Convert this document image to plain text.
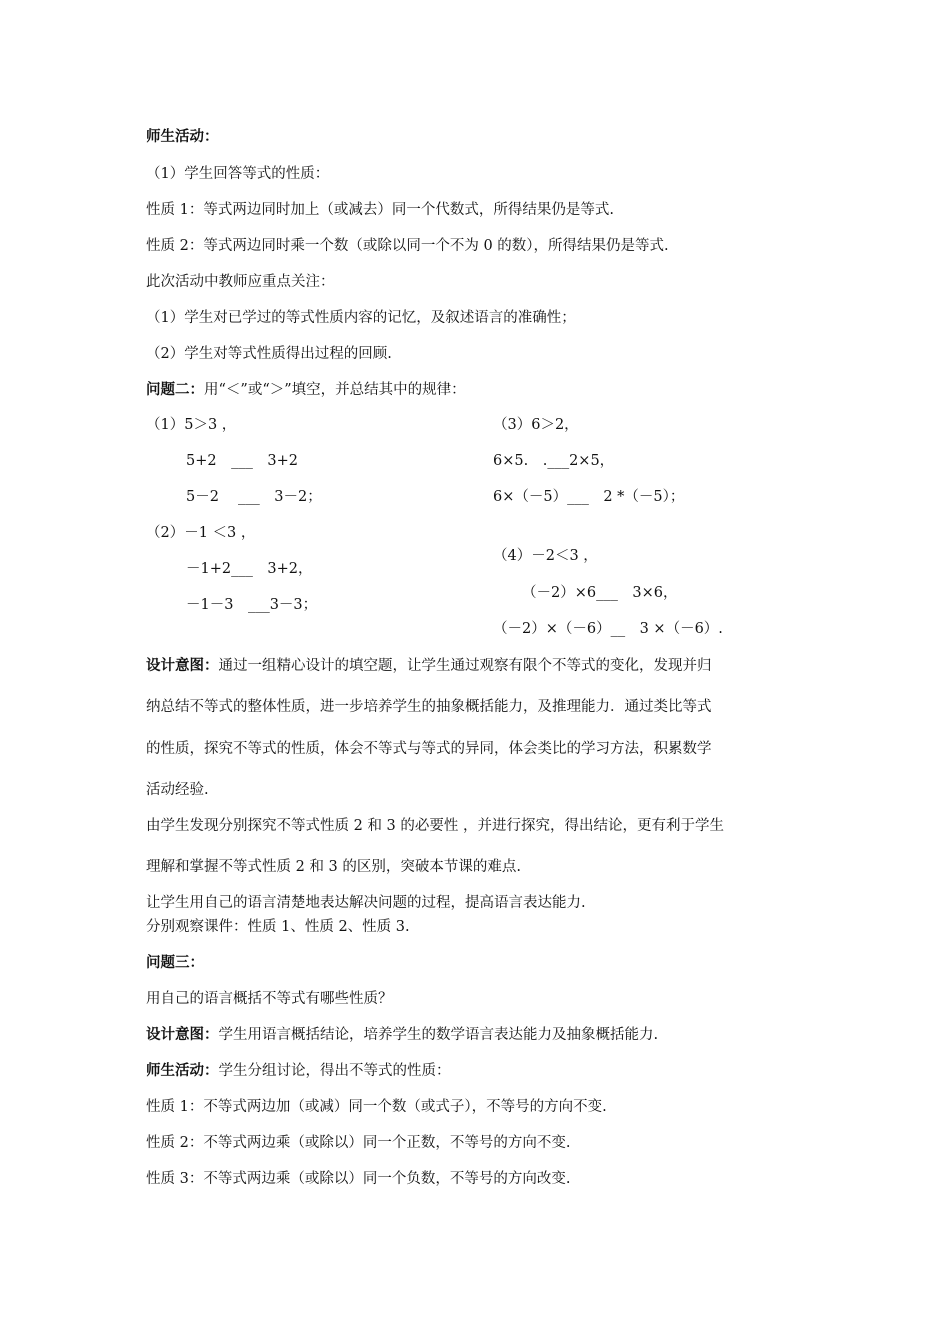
师生活动：
（1）学生回答等式的性质：
性质 1：等式两边同时加上（或减去）同一个代数式，所得结果仍是等式.
性质 2：等式两边同时乘一个数（或除以同一个不为 0 的数），所得结果仍是等式.
此次活动中教师应重点关注：
（1）学生对已学过的等式性质内容的记忆，及叙述语言的准确性；
（2）学生对等式性质得出过程的回顾.
问题二：用“＜”或“＞”填空，并总结其中的规律：
（1）5＞3 ，
5+2　___　3+2
5－2　 ___　3－2；
（2）－1 ＜3 ，
－1+2___　3+2，
－1－3　___3－3；
（3）6＞2，
6×5.　.___2×5，
6×（－5）___　2 *（－5）；
（4）－2＜3 ，
（－2）×6___　3×6，
（－2）×（－6）__　3 ×（－6）.
设计意图：通过一组精心设计的填空题，让学生通过观察有限个不等式的变化，发现并归
纳总结不等式的整体性质，进一步培养学生的抽象概括能力，及推理能力．通过类比等式
的性质，探究不等式的性质，体会不等式与等式的异同，体会类比的学习方法，积累数学
活动经验.
由学生发现分别探究不等式性质 2 和 3 的必要性 ，并进行探究，得出结论，更有利于学生
理解和掌握不等式性质 2 和 3 的区别，突破本节课的难点.
让学生用自己的语言清楚地表达解决问题的过程，提高语言表达能力.
分别观察课件：性质 1、性质 2、性质 3.
问题三：
用自己的语言概括不等式有哪些性质？
设计意图：学生用语言概括结论，培养学生的数学语言表达能力及抽象概括能力.
师生活动：学生分组讨论，得出不等式的性质：
性质 1：不等式两边加（或减）同一个数（或式子），不等号的方向不变.
性质 2：不等式两边乘（或除以）同一个正数，不等号的方向不变.
性质 3：不等式两边乘（或除以）同一个负数，不等号的方向改变.
